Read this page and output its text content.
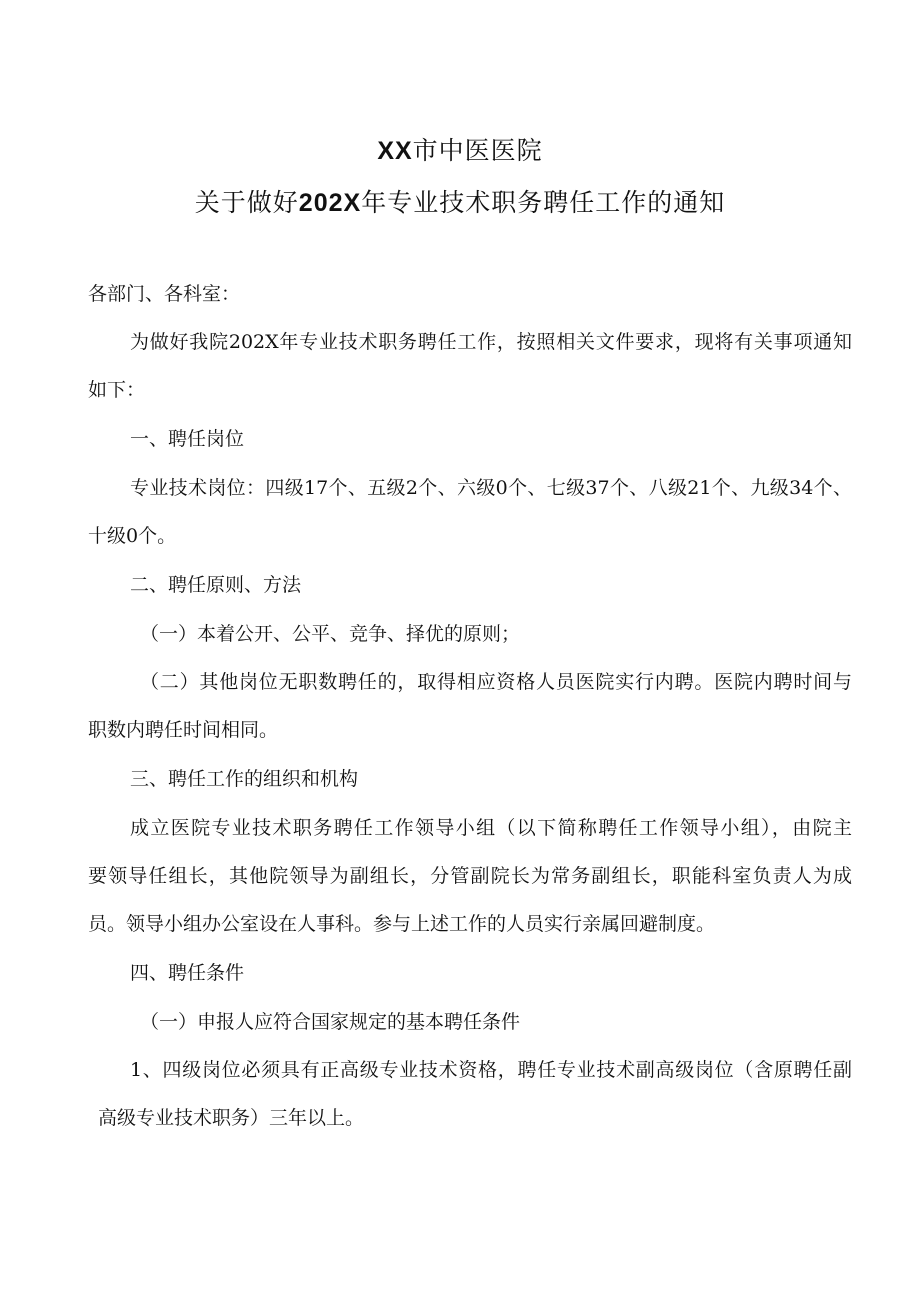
XX市中医医院
关于做好202X年专业技术职务聘任工作的通知
各部门、各科室：
为做好我院202X年专业技术职务聘任工作，按照相关文件要求，现将有关事项通知
如下：
一、聘任岗位
专业技术岗位：四级17个、五级2个、六级0个、七级37个、八级21个、九级34个、
十级0个。
二、聘任原则、方法
（一）本着公开、公平、竞争、择优的原则；
（二）其他岗位无职数聘任的，取得相应资格人员医院实行内聘。医院内聘时间与
职数内聘任时间相同。
三、聘任工作的组织和机构
成立医院专业技术职务聘任工作领导小组（以下简称聘任工作领导小组），由院主
要领导任组长，其他院领导为副组长，分管副院长为常务副组长，职能科室负责人为成
员。领导小组办公室设在人事科。参与上述工作的人员实行亲属回避制度。
四、聘任条件
（一）申报人应符合国家规定的基本聘任条件
1、四级岗位必须具有正高级专业技术资格，聘任专业技术副高级岗位（含原聘任副
高级专业技术职务）三年以上。
